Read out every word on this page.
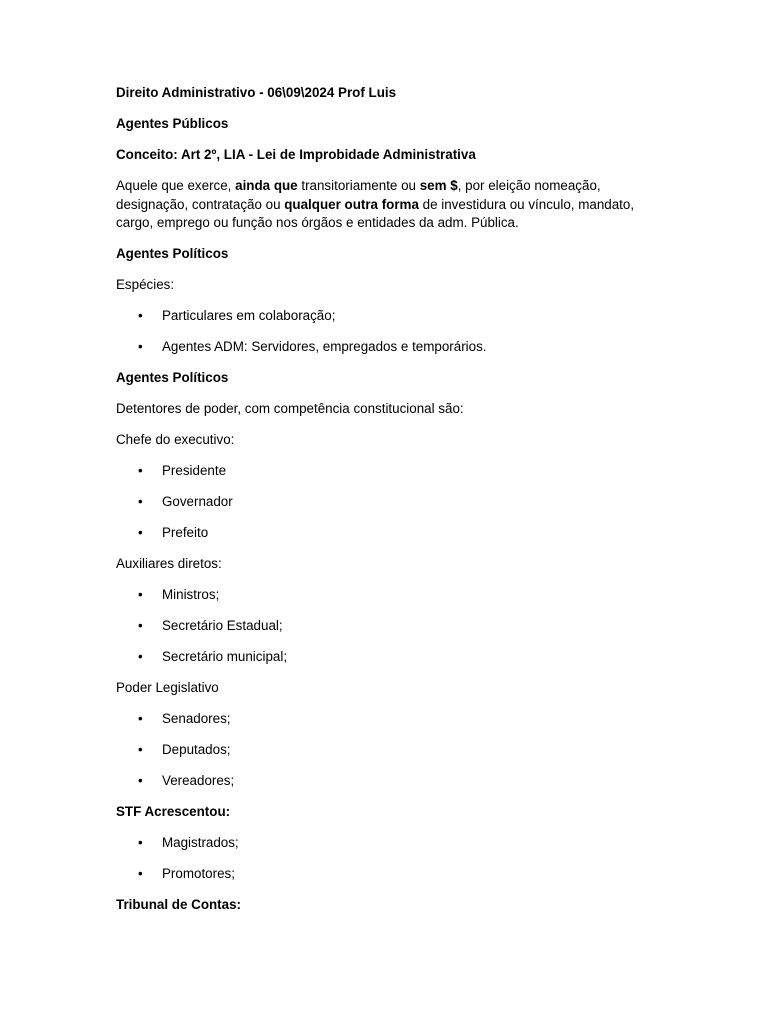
Direito Administrativo - 06\09\2024 Prof Luis

Agentes Públicos

Conceito: Art 2º, LIA - Lei de Improbidade Administrativa

Aquele que exerce, ainda que transitoriamente ou sem $, por eleição nomeação, designação, contratação ou qualquer outra forma de investidura ou vínculo, mandato, cargo, emprego ou função nos órgãos e entidades da adm. Pública.

Agentes Políticos

Espécies:

• Particulares em colaboração;
• Agentes ADM: Servidores, empregados e temporários.

Agentes Políticos

Detentores de poder, com competência constitucional são:

Chefe do executivo:

• Presidente
• Governador
• Prefeito

Auxiliares diretos:

• Ministros;
• Secretário Estadual;
• Secretário municipal;

Poder Legislativo

• Senadores;
• Deputados;
• Vereadores;

STF Acrescentou:

• Magistrados;
• Promotores;

Tribunal de Contas:
